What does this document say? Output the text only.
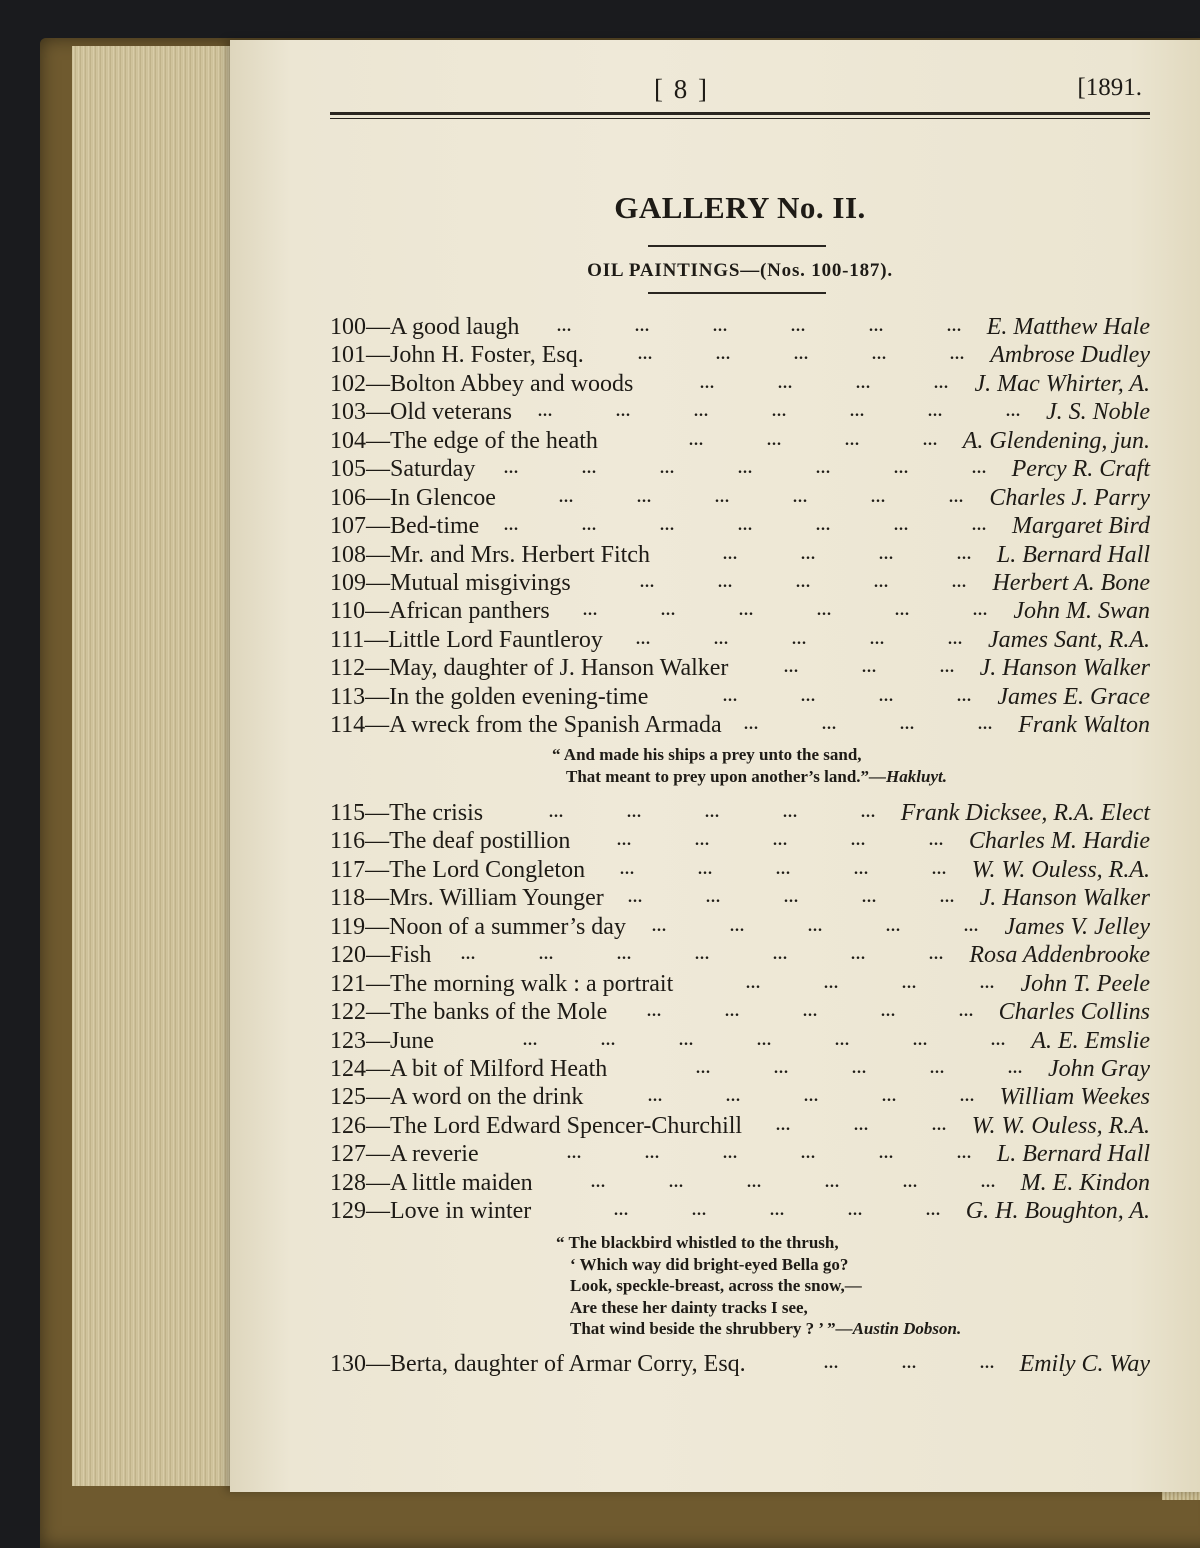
[ 8 ]	[1891.
GALLERY No. II.
OIL PAINTINGS—(Nos. 100-187).
100—A good laugh	E. Matthew Hale
...
...
...
...
...
...
101—John H. Foster, Esq.	Ambrose Dudley
...
...
...
...
...
102—Bolton Abbey and woods	J. Mac Whirter, A.
...
...
...
...
103—Old veterans	J. S. Noble
...
...
...
...
...
...
...
104—The edge of the heath	A. Glendening, jun.
...
...
...
...
105—Saturday	Percy R. Craft
...
...
...
...
...
...
...
106—In Glencoe	Charles J. Parry
...
...
...
...
...
...
107—Bed-time	Margaret Bird
...
...
...
...
...
...
...
108—Mr. and Mrs. Herbert Fitch	L. Bernard Hall
...
...
...
...
109—Mutual misgivings	Herbert A. Bone
...
...
...
...
...
110—African panthers	John M. Swan
...
...
...
...
...
...
111—Little Lord Fauntleroy	James Sant, R.A.
...
...
...
...
...
112—May, daughter of J. Hanson Walker	J. Hanson Walker
...
...
...
113—In the golden evening-time	James E. Grace
...
...
...
...
114—A wreck from the Spanish Armada	Frank Walton
...
...
...
...
“ And made his ships a prey unto the sand,
That meant to prey upon another’s land.”—Hakluyt.
115—The crisis	Frank Dicksee, R.A. Elect
...
...
...
...
...
116—The deaf postillion	Charles M. Hardie
...
...
...
...
...
117—The Lord Congleton	W. W. Ouless, R.A.
...
...
...
...
...
118—Mrs. William Younger	J. Hanson Walker
...
...
...
...
...
119—Noon of a summer’s day	James V. Jelley
...
...
...
...
...
120—Fish	Rosa Addenbrooke
...
...
...
...
...
...
...
121—The morning walk : a portrait	John T. Peele
...
...
...
...
122—The banks of the Mole	Charles Collins
...
...
...
...
...
123—June	A. E. Emslie
...
...
...
...
...
...
...
124—A bit of Milford Heath	John Gray
...
...
...
...
...
125—A word on the drink	William Weekes
...
...
...
...
...
126—The Lord Edward Spencer-Churchill	W. W. Ouless, R.A.
...
...
...
127—A reverie	L. Bernard Hall
...
...
...
...
...
...
128—A little maiden	M. E. Kindon
...
...
...
...
...
...
129—Love in winter	G. H. Boughton, A.
...
...
...
...
...
“ The blackbird whistled to the thrush,
‘ Which way did bright-eyed Bella go?
Look, speckle-breast, across the snow,—
Are these her dainty tracks I see,
That wind beside the shrubbery ? ’ ”—Austin Dobson.
130—Berta, daughter of Armar Corry, Esq.	Emily C. Way
...
...
...
